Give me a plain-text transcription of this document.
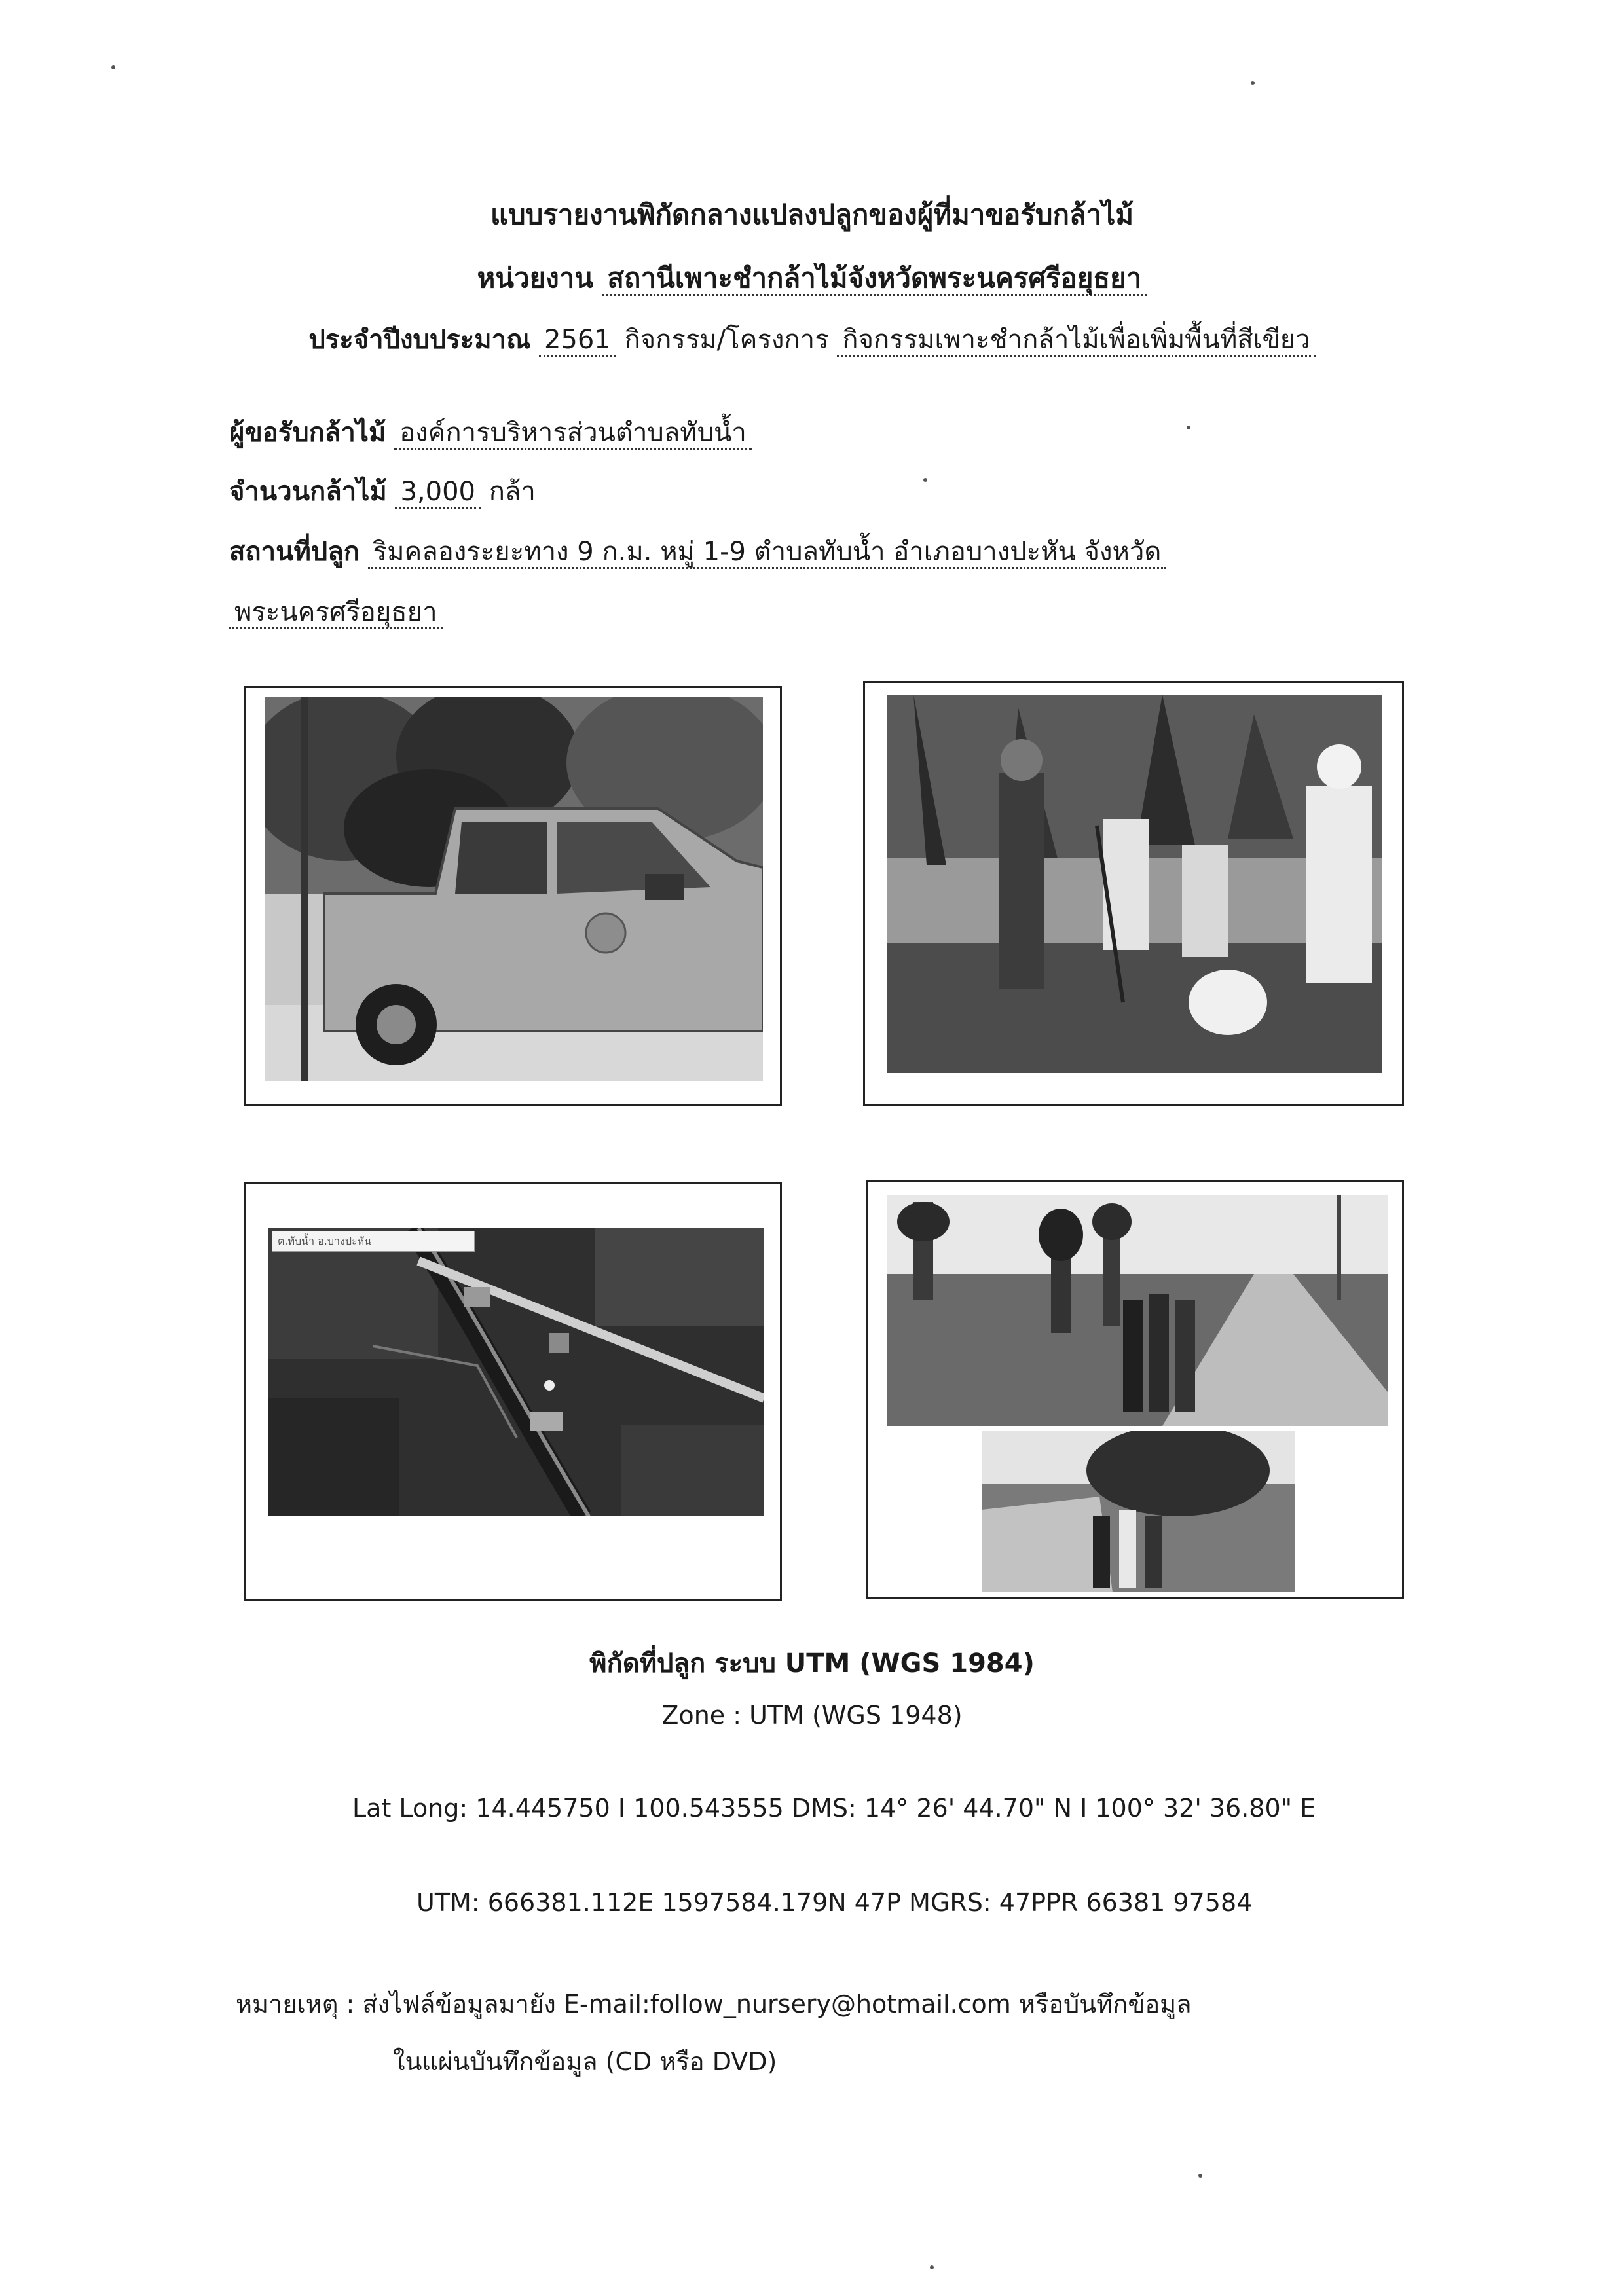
แบบรายงานพิกัดกลางแปลงปลูกของผู้ที่มาขอรับกล้าไม้
หน่วยงาน สถานีเพาะชำกล้าไม้จังหวัดพระนครศรีอยุธยา
ประจำปีงบประมาณ 2561 กิจกรรม/โครงการ กิจกรรมเพาะชำกล้าไม้เพื่อเพิ่มพื้นที่สีเขียว
ผู้ขอรับกล้าไม้ องค์การบริหารส่วนตำบลทับน้ำ
จำนวนกล้าไม้ 3,000 กล้า
สถานที่ปลูก ริมคลองระยะทาง 9 ก.ม. หมู่ 1-9 ตำบลทับน้ำ อำเภอบางปะหัน จังหวัด
พระนครศรีอยุธยา
ต.ทับน้ำ อ.บางปะหัน
พิกัดที่ปลูก ระบบ UTM (WGS 1984)
Zone : UTM (WGS 1948)
Lat Long: 14.445750 I 100.543555 DMS: 14° 26' 44.70" N I 100° 32' 36.80" E
UTM: 666381.112E 1597584.179N 47P MGRS: 47PPR 66381 97584
หมายเหตุ : ส่งไฟล์ข้อมูลมายัง E-mail:follow_nursery@hotmail.com หรือบันทึกข้อมูล
ในแผ่นบันทึกข้อมูล (CD หรือ DVD)
